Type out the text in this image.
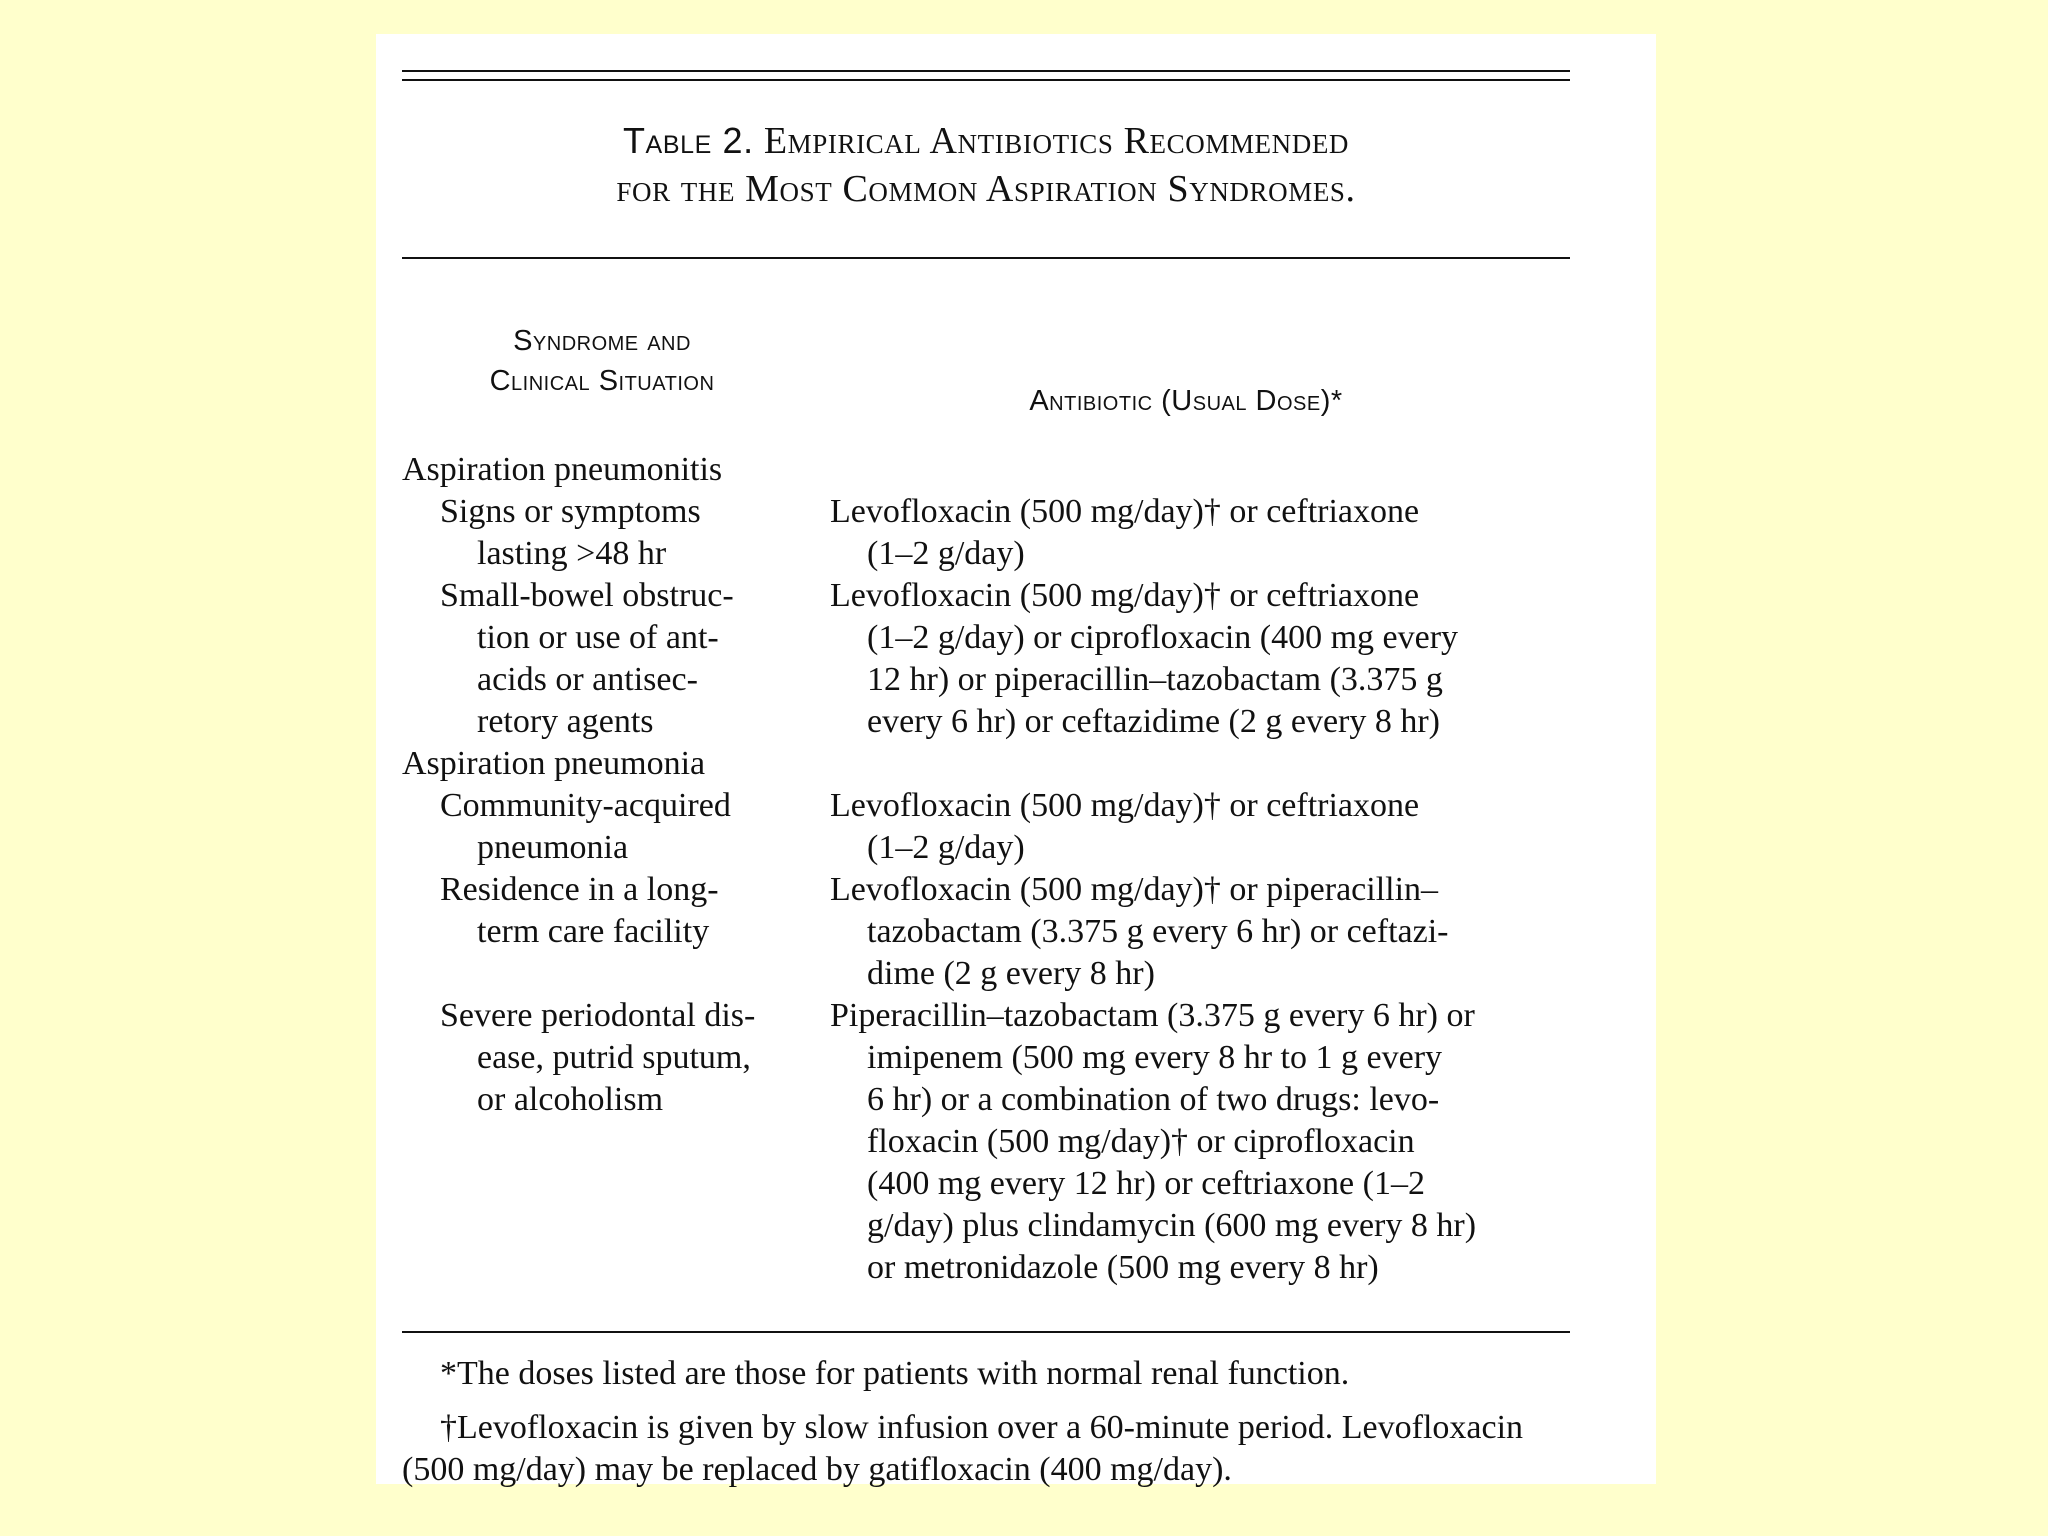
Table 2. Empirical Antibiotics Recommended
for the Most Common Aspiration Syndromes.
Syndrome and
Clinical Situation
Antibiotic (Usual Dose)*
Aspiration pneumonitis
Signs or symptoms
lasting >48 hr
Levofloxacin (500 mg/day)† or ceftriaxone
(1–2 g/day)
Small-bowel obstruc-
tion or use of ant-
acids or antisec-
retory agents
Levofloxacin (500 mg/day)† or ceftriaxone
(1–2 g/day) or ciprofloxacin (400 mg every
12 hr) or piperacillin–tazobactam (3.375 g
every 6 hr) or ceftazidime (2 g every 8 hr)
Aspiration pneumonia
Community-acquired
pneumonia
Levofloxacin (500 mg/day)† or ceftriaxone
(1–2 g/day)
Residence in a long-
term care facility
Levofloxacin (500 mg/day)† or piperacillin–
tazobactam (3.375 g every 6 hr) or ceftazi-
dime (2 g every 8 hr)
Severe periodontal dis-
ease, putrid sputum,
or alcoholism
Piperacillin–tazobactam (3.375 g every 6 hr) or
imipenem (500 mg every 8 hr to 1 g every
6 hr) or a combination of two drugs: levo-
floxacin (500 mg/day)† or ciprofloxacin
(400 mg every 12 hr) or ceftriaxone (1–2
g/day) plus clindamycin (600 mg every 8 hr)
or metronidazole (500 mg every 8 hr)
*The doses listed are those for patients with normal renal function.
†Levofloxacin is given by slow infusion over a 60-minute period. Levofloxacin (500 mg/day) may be replaced by gatifloxacin (400 mg/day).
